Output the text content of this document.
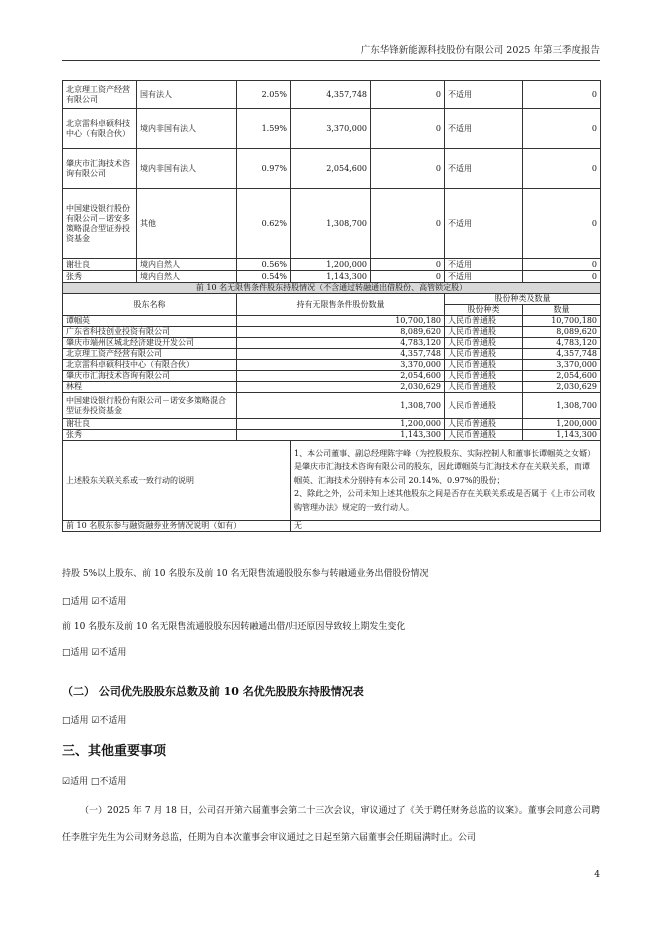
广东华锋新能源科技股份有限公司 2025 年第三季度报告
北京理工资产经营有限公司	国有法人	2.05%	4,357,748	0	不适用	0
北京雷科卓硕科技中心（有限合伙）	境内非国有法人	1.59%	3,370,000	0	不适用	0
肇庆市汇海技术咨询有限公司	境内非国有法人	0.97%	2,054,600	0	不适用	0
中国建设银行股份有限公司－诺安多策略混合型证券投资基金	其他	0.62%	1,308,700	0	不适用	0
谢壮良	境内自然人	0.56%	1,200,000	0	不适用	0
张秀	境内自然人	0.54%	1,143,300	0	不适用	0
前 10 名无限售条件股东持股情况（不含通过转融通出借股份、高管锁定股）						
股东名称		持有无限售条件股份数量			股份种类及数量	
					股份种类	数量
谭帼英		10,700,180			人民币普通股	10,700,180
广东省科技创业投资有限公司		8,089,620			人民币普通股	8,089,620
肇庆市端州区城北经济建设开发公司		4,783,120			人民币普通股	4,783,120
北京理工资产经营有限公司		4,357,748			人民币普通股	4,357,748
北京雷科卓硕科技中心（有限合伙）		3,370,000			人民币普通股	3,370,000
肇庆市汇海技术咨询有限公司		2,054,600			人民币普通股	2,054,600
林程		2,030,629			人民币普通股	2,030,629
中国建设银行股份有限公司－诺安多策略混合型证券投资基金		1,308,700			人民币普通股	1,308,700
谢壮良		1,200,000			人民币普通股	1,200,000
张秀		1,143,300			人民币普通股	1,143,300
上述股东关联关系或一致行动的说明			1、本公司董事、副总经理陈宇峰（为控股股东、实际控制人和董事长谭帼英之女婿）是肇庆市汇海技术咨询有限公司的股东，因此谭帼英与汇海技术存在关联关系，而谭帼英、汇海技术分别持有本公司 20.14%、0.97%的股份；
2、除此之外，公司未知上述其他股东之间是否存在关联关系或是否属于《上市公司收购管理办法》规定的一致行动人。			
前 10 名股东参与融资融券业务情况说明（如有）			无			
持股 5%以上股东、前 10 名股东及前 10 名无限售流通股股东参与转融通业务出借股份情况
□适用 ☑不适用
前 10 名股东及前 10 名无限售流通股股东因转融通出借/归还原因导致较上期发生变化
□适用 ☑不适用
（二） 公司优先股股东总数及前 10 名优先股股东持股情况表
□适用 ☑不适用
三、其他重要事项
☑适用 □不适用
（一）2025 年 7 月 18 日，公司召开第六届董事会第二十三次会议，审议通过了《关于聘任财务总监的议案》。董事会同意公司聘任李胜宇先生为公司财务总监，任期为自本次董事会审议通过之日起至第六届董事会任期届满时止。公司
4
